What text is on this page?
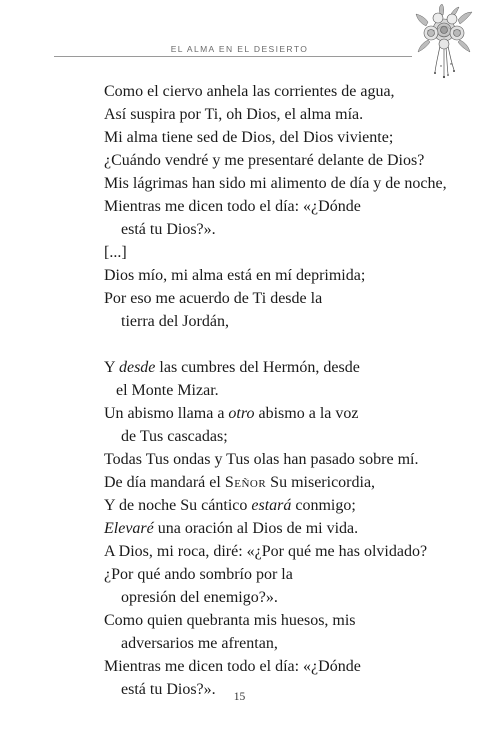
EL ALMA EN EL DESIERTO
Como el ciervo anhela las corrientes de agua,
Así suspira por Ti, oh Dios, el alma mía.
Mi alma tiene sed de Dios, del Dios viviente;
¿Cuándo vendré y me presentaré delante de Dios?
Mis lágrimas han sido mi alimento de día y de noche,
Mientras me dicen todo el día: «¿Dónde
está tu Dios?».
[...]
Dios mío, mi alma está en mí deprimida;
Por eso me acuerdo de Ti desde la
tierra del Jordán,
Y desde las cumbres del Hermón, desde
el Monte Mizar.
Un abismo llama a otro abismo a la voz
de Tus cascadas;
Todas Tus ondas y Tus olas han pasado sobre mí.
De día mandará el Señor Su misericordia,
Y de noche Su cántico estará conmigo;
Elevaré una oración al Dios de mi vida.
A Dios, mi roca, diré: «¿Por qué me has olvidado?
¿Por qué ando sombrío por la
opresión del enemigo?».
Como quien quebranta mis huesos, mis
adversarios me afrentan,
Mientras me dicen todo el día: «¿Dónde
está tu Dios?».	15
